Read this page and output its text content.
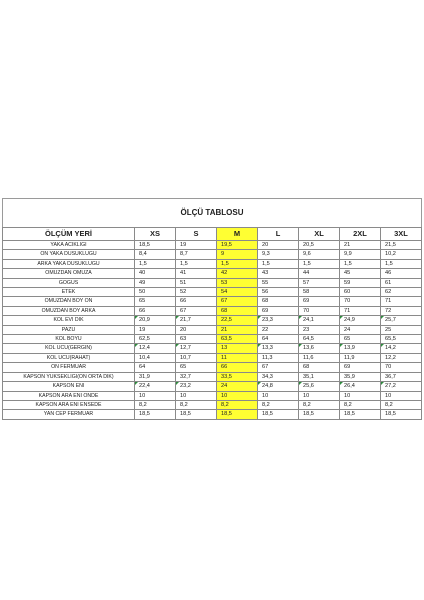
ÖLÇÜ TABLOSU
ÖLÇÜM YERİ	XS	S	M	L	XL	2XL	3XL
YAKA ACIKLIGI	18,5	19	19,5	20	20,5	21	21,5
ON YAKA DUSUKLUGU	8,4	8,7	9	9,3	9,6	9,9	10,2
ARKA YAKA DUSUKLUGU	1,5	1,5	1,5	1,5	1,5	1,5	1,5
OMUZDAN OMUZA	40	41	42	43	44	45	46
GOGUS	49	51	53	55	57	59	61
ETEK	50	52	54	56	58	60	62
OMUZDAN BOY ON	65	66	67	68	69	70	71
OMUZDAN BOY ARKA	66	67	68	69	70	71	72
KOL EVI DIK	20,9	21,7	22,5	23,3	24,1	24,9	25,7
PAZU	19	20	21	22	23	24	25
KOL BOYU	62,5	63	63,5	64	64,5	65	65,5
KOL UCU(GERGIN)	12,4	12,7	13	13,3	13,6	13,9	14,2
KOL UCU(RAHAT)	10,4	10,7	11	11,3	11,6	11,9	12,2
ON FERMUAR	64	65	66	67	68	69	70
KAPSON YUKSEKLIGI(ON ORTA DIK)	31,9	32,7	33,5	34,3	35,1	35,9	36,7
KAPSON ENI	22,4	23,2	24	24,8	25,6	26,4	27,2
KAPSON ARA ENI ONDE	10	10	10	10	10	10	10
KAPSON ARA ENI ENSEDE	8,2	8,2	8,2	8,2	8,2	8,2	8,2
YAN CEP FERMUAR	18,5	18,5	18,5	18,5	18,5	18,5	18,5
